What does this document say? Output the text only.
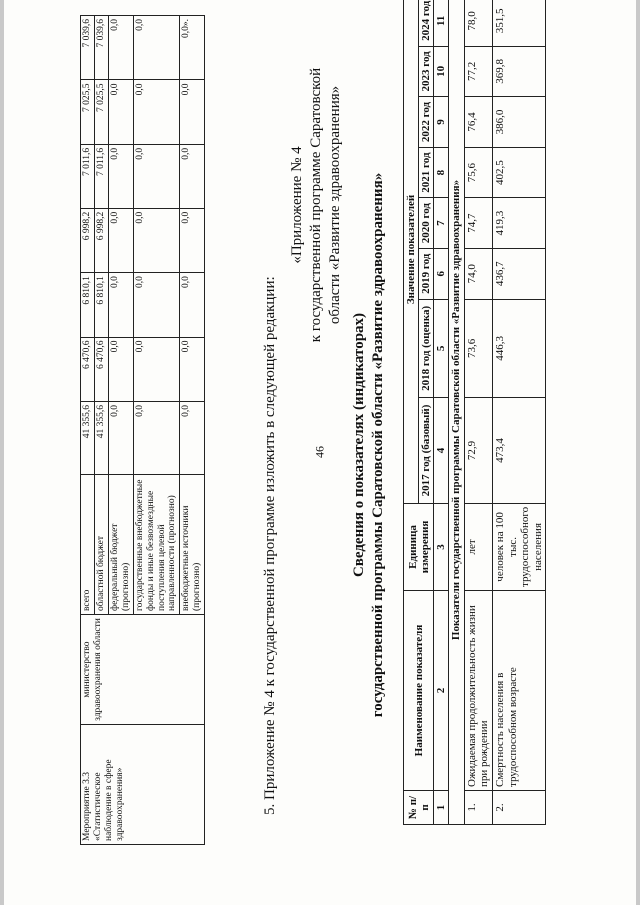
Мероприятие 3.3 «Статистическое наблюдение в сфере здравоохранения»	министерство здравоохранения области	всего	41 355,6	6 470,6	6 810,1	6 998,2	7 011,6	7 025,5	7 039,6
		областной бюджет	41 355,6	6 470,6	6 810,1	6 998,2	7 011,6	7 025,5	7 039,6
		федеральный бюджет (прогнозно)	0,0	0,0	0,0	0,0	0,0	0,0	0,0
		государственные внебюджетные фонды и иные безвозмездные поступления целевой направленности (прогнозно)	0,0	0,0	0,0	0,0	0,0	0,0	0,0
		внебюджетные источники (прогнозно)	0,0	0,0	0,0	0,0	0,0	0,0	0,0».
5. Приложение № 4 к государственной программе изложить в следующей редакции:
«Приложение № 4 к государственной программе Саратовской области «Развитие здравоохранения»
Сведения о показателях (индикаторах) государственной программы Саратовской области «Развитие здравоохранения»
№ п/п	Наименование показателя	Единица измерения	Значение показателей							
			2017 год (базовый)	2018 год (оценка)	2019 год	2020 год	2021 год	2022 год	2023 год	2024 год
1	2	3	4	5	6	7	8	9	10	11
Показатели государственной программы Саратовской области «Развитие здравоохранения»										
1.	Ожидаемая продолжительность жизни при рождении	лет	72,9	73,6	74,0	74,7	75,6	76,4	77,2	78,0
2.	Смертность населения в трудоспособном возрасте	человек на 100 тыс. трудоспособного населения	473,4	446,3	436,7	419,3	402,5	386,0	369,8	351,5
46
